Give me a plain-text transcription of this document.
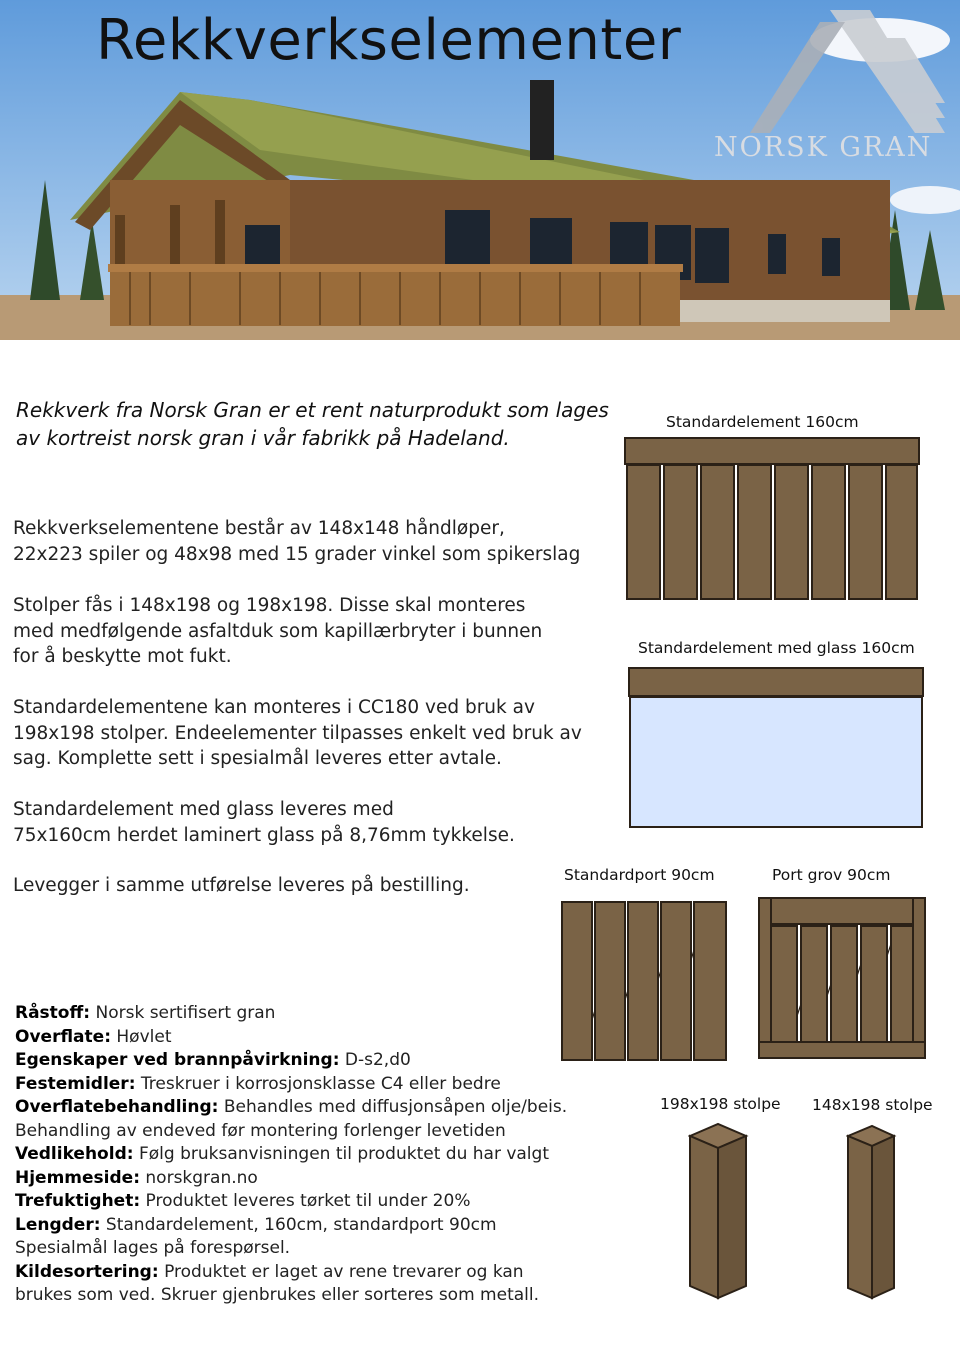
Rekkverkselementer
NORSK GRAN
Rekkverk fra Norsk Gran er et rent naturprodukt som lages av kortreist norsk gran i vår fabrikk på Hadeland.
Rekkverkselementene består av 148x148 håndløper,
22x223 spiler og 48x98 med 15 grader vinkel som spikerslag
Stolper fås i 148x198 og 198x198. Disse skal monteres
med medfølgende asfaltduk som kapillærbryter i bunnen
for å beskytte mot fukt.
Standardelementene kan monteres i CC180 ved bruk av
198x198 stolper. Endeelementer tilpasses enkelt ved bruk av
sag. Komplette sett i spesialmål leveres etter avtale.
Standardelement med glass leveres med
75x160cm herdet laminert glass på 8,76mm tykkelse.
Levegger i samme utførelse leveres på bestilling.
Standardelement 160cm
Standardelement med glass 160cm
Standardport 90cm	Port grov 90cm
198x198 stolpe 148x198 stolpe
Råstoff: Norsk sertifisert gran
Overflate: Høvlet
Egenskaper ved brannpåvirkning: D-s2,d0
Festemidler: Treskruer i korrosjonsklasse C4 eller bedre
Overflatebehandling: Behandles med diffusjonsåpen olje/beis.
Behandling av endeved før montering forlenger levetiden
Vedlikehold: Følg bruksanvisningen til produktet du har valgt
Hjemmeside: norskgran.no
Trefuktighet: Produktet leveres tørket til under 20%
Lengder: Standardelement, 160cm, standardport 90cm
Spesialmål lages på forespørsel.
Kildesortering: Produktet er laget av rene trevarer og kan
brukes som ved. Skruer gjenbrukes eller sorteres som metall.
